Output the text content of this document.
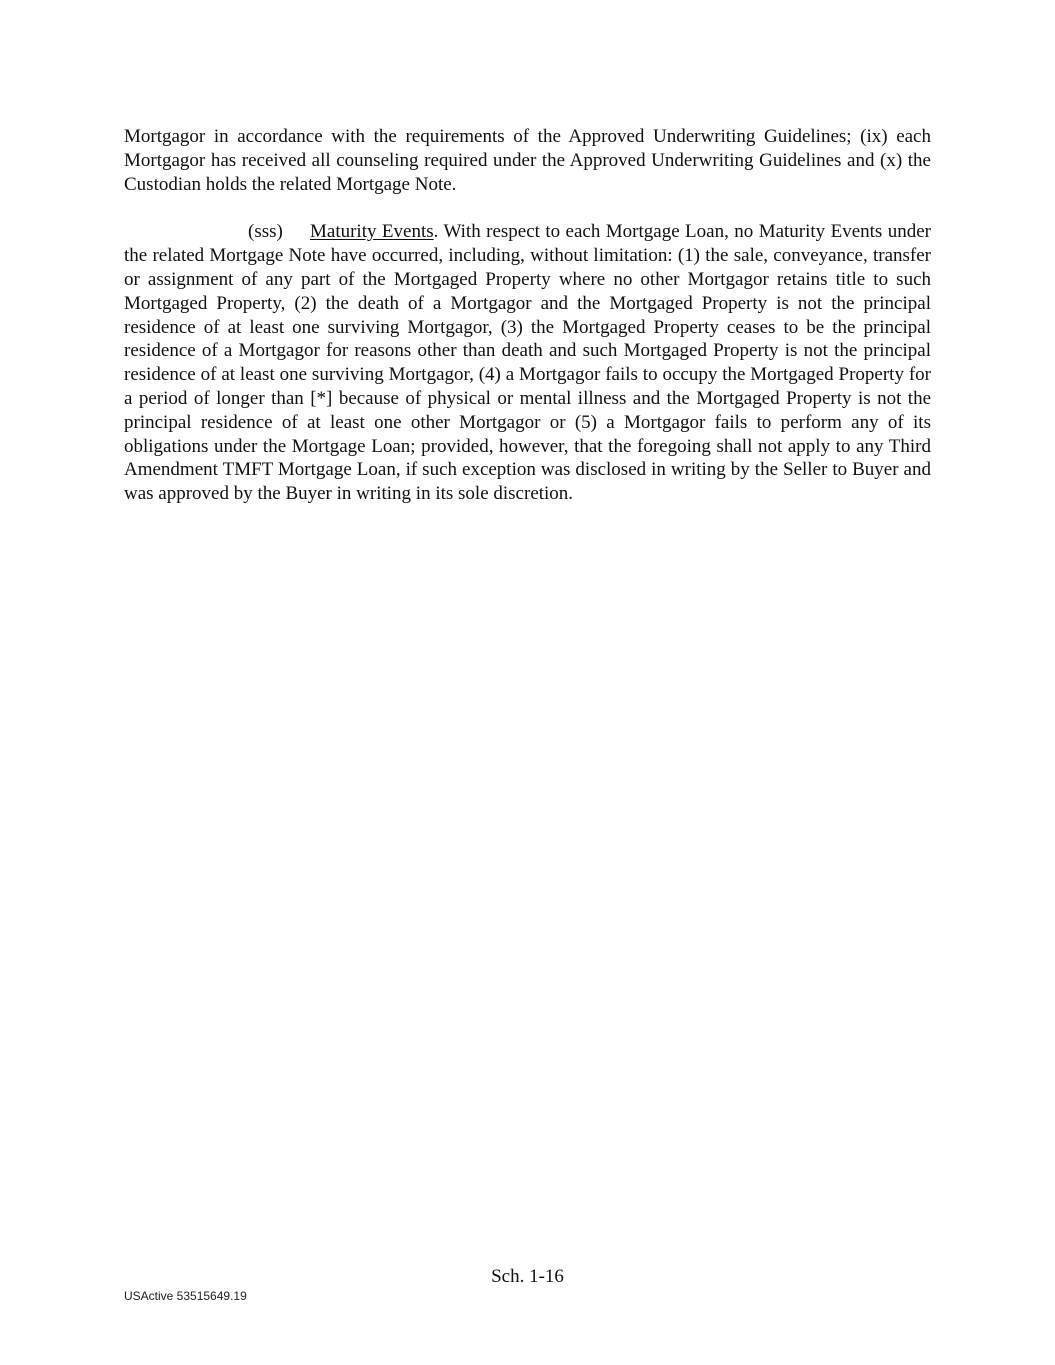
Mortgagor in accordance with the requirements of the Approved Underwriting Guidelines; (ix) each Mortgagor has received all counseling required under the Approved Underwriting Guidelines and (x) the Custodian holds the related Mortgage Note.

(sss) Maturity Events. With respect to each Mortgage Loan, no Maturity Events under the related Mortgage Note have occurred, including, without limitation: (1) the sale, conveyance, transfer or assignment of any part of the Mortgaged Property where no other Mortgagor retains title to such Mortgaged Property, (2) the death of a Mortgagor and the Mortgaged Property is not the principal residence of at least one surviving Mortgagor, (3) the Mortgaged Property ceases to be the principal residence of a Mortgagor for reasons other than death and such Mortgaged Property is not the principal residence of at least one surviving Mortgagor, (4) a Mortgagor fails to occupy the Mortgaged Property for a period of longer than [*] because of physical or mental illness and the Mortgaged Property is not the principal residence of at least one other Mortgagor or (5) a Mortgagor fails to perform any of its obligations under the Mortgage Loan; provided, however, that the foregoing shall not apply to any Third Amendment TMFT Mortgage Loan, if such exception was disclosed in writing by the Seller to Buyer and was approved by the Buyer in writing in its sole discretion.

Sch. 1-16
USActive 53515649.19
